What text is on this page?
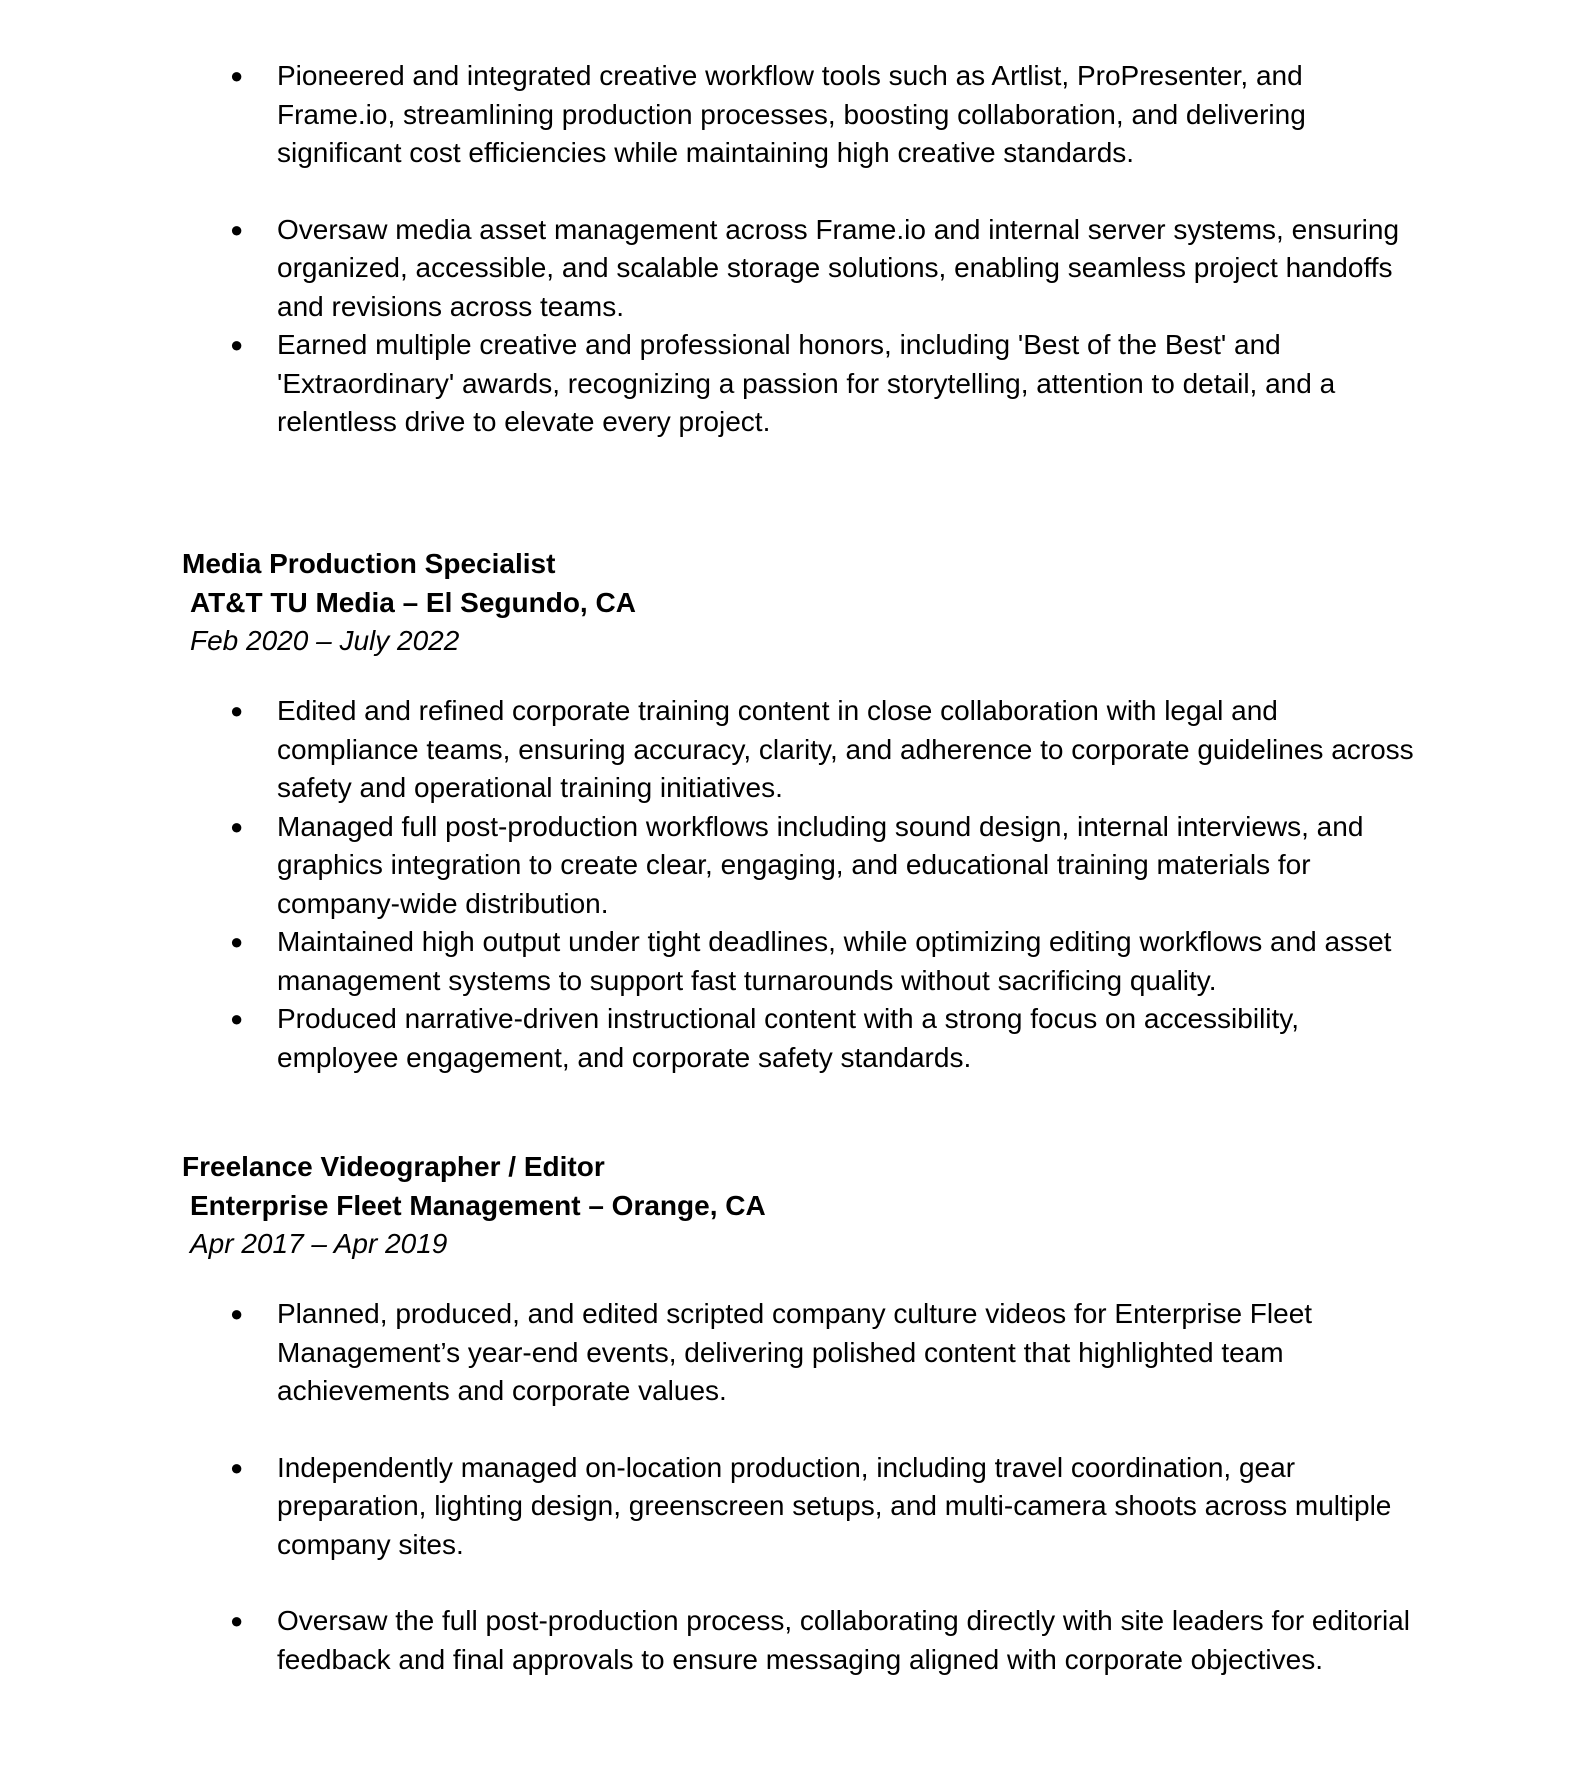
● Pioneered and integrated creative workflow tools such as Artlist, ProPresenter, and Frame.io, streamlining production processes, boosting collaboration, and delivering significant cost efficiencies while maintaining high creative standards.
● Oversaw media asset management across Frame.io and internal server systems, ensuring organized, accessible, and scalable storage solutions, enabling seamless project handoffs and revisions across teams.
● Earned multiple creative and professional honors, including 'Best of the Best' and 'Extraordinary' awards, recognizing a passion for storytelling, attention to detail, and a relentless drive to elevate every project.

Media Production Specialist

AT&T TU Media – El Segundo, CA

Feb 2020 – July 2022

● Edited and refined corporate training content in close collaboration with legal and compliance teams, ensuring accuracy, clarity, and adherence to corporate guidelines across safety and operational training initiatives.
● Managed full post-production workflows including sound design, internal interviews, and graphics integration to create clear, engaging, and educational training materials for company-wide distribution.
● Maintained high output under tight deadlines, while optimizing editing workflows and asset management systems to support fast turnarounds without sacrificing quality.
● Produced narrative-driven instructional content with a strong focus on accessibility, employee engagement, and corporate safety standards.

Freelance Videographer / Editor

Enterprise Fleet Management – Orange, CA

Apr 2017 – Apr 2019

● Planned, produced, and edited scripted company culture videos for Enterprise Fleet Management’s year-end events, delivering polished content that highlighted team achievements and corporate values.
● Independently managed on-location production, including travel coordination, gear preparation, lighting design, greenscreen setups, and multi-camera shoots across multiple company sites.
● Oversaw the full post-production process, collaborating directly with site leaders for editorial feedback and final approvals to ensure messaging aligned with corporate objectives.
